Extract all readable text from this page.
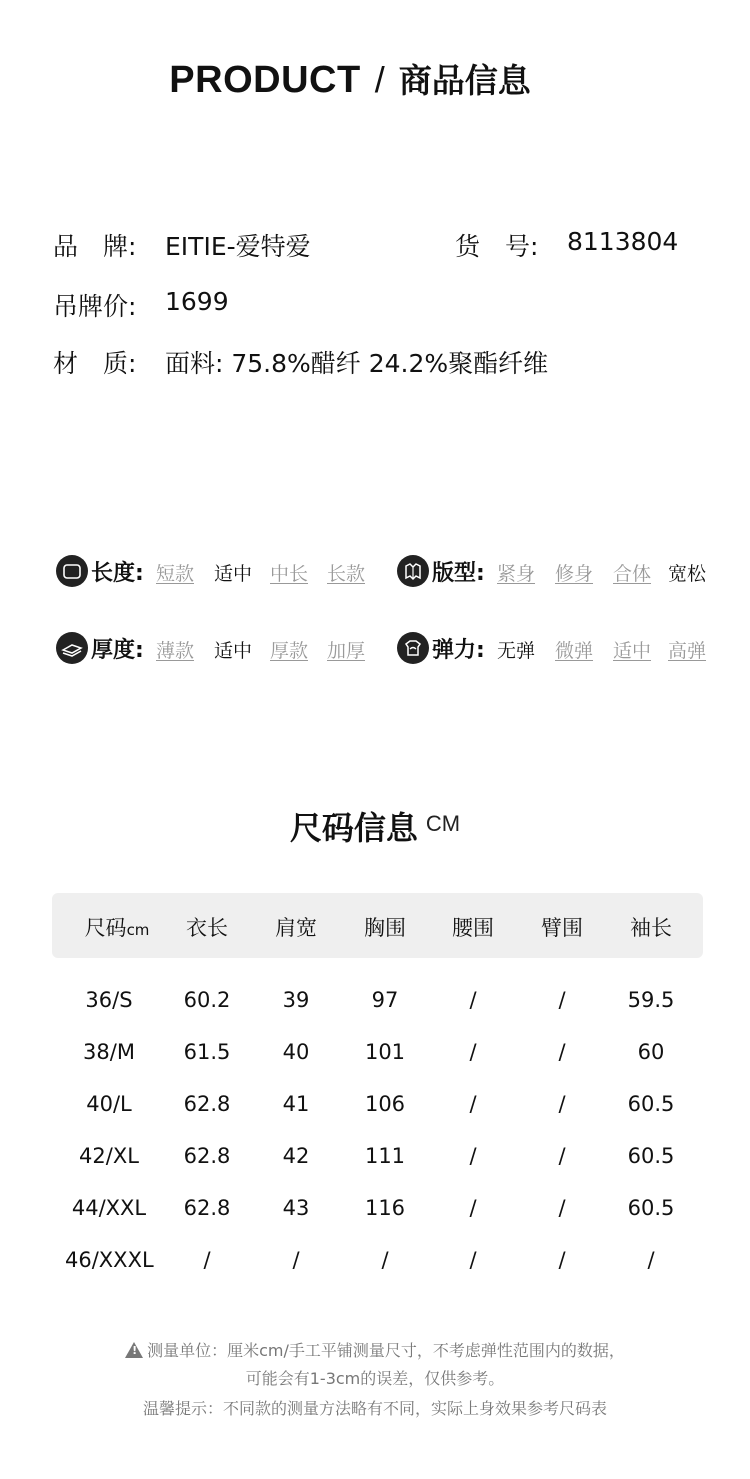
PRODUCT / 商品信息
品　牌: EITIE-爱特爱	货　号: 8113804
吊牌价: 1699
材　质: 面料: 75.8%醋纤 24.2%聚酯纤维
长度: 短款 适中 中长 长款	版型: 紧身 修身 合体 宽松
厚度: 薄款 适中 厚款 加厚	弹力: 无弹 微弹 适中 高弹
尺码信息 CM
尺码cm	衣长	肩宽	胸围	腰围	臂围	袖长
36/S	60.2	39	97	/	/	59.5
38/M	61.5	40	101	/	/	60
40/L	62.8	41	106	/	/	60.5
42/XL	62.8	42	111	/	/	60.5
44/XXL	62.8	43	116	/	/	60.5
46/XXXL	/	/	/	/	/	/
!测量单位：厘米cm/手工平铺测量尺寸，不考虑弹性范围内的数据，
可能会有1-3cm的误差，仅供参考。
温馨提示：不同款的测量方法略有不同，实际上身效果参考尺码表
